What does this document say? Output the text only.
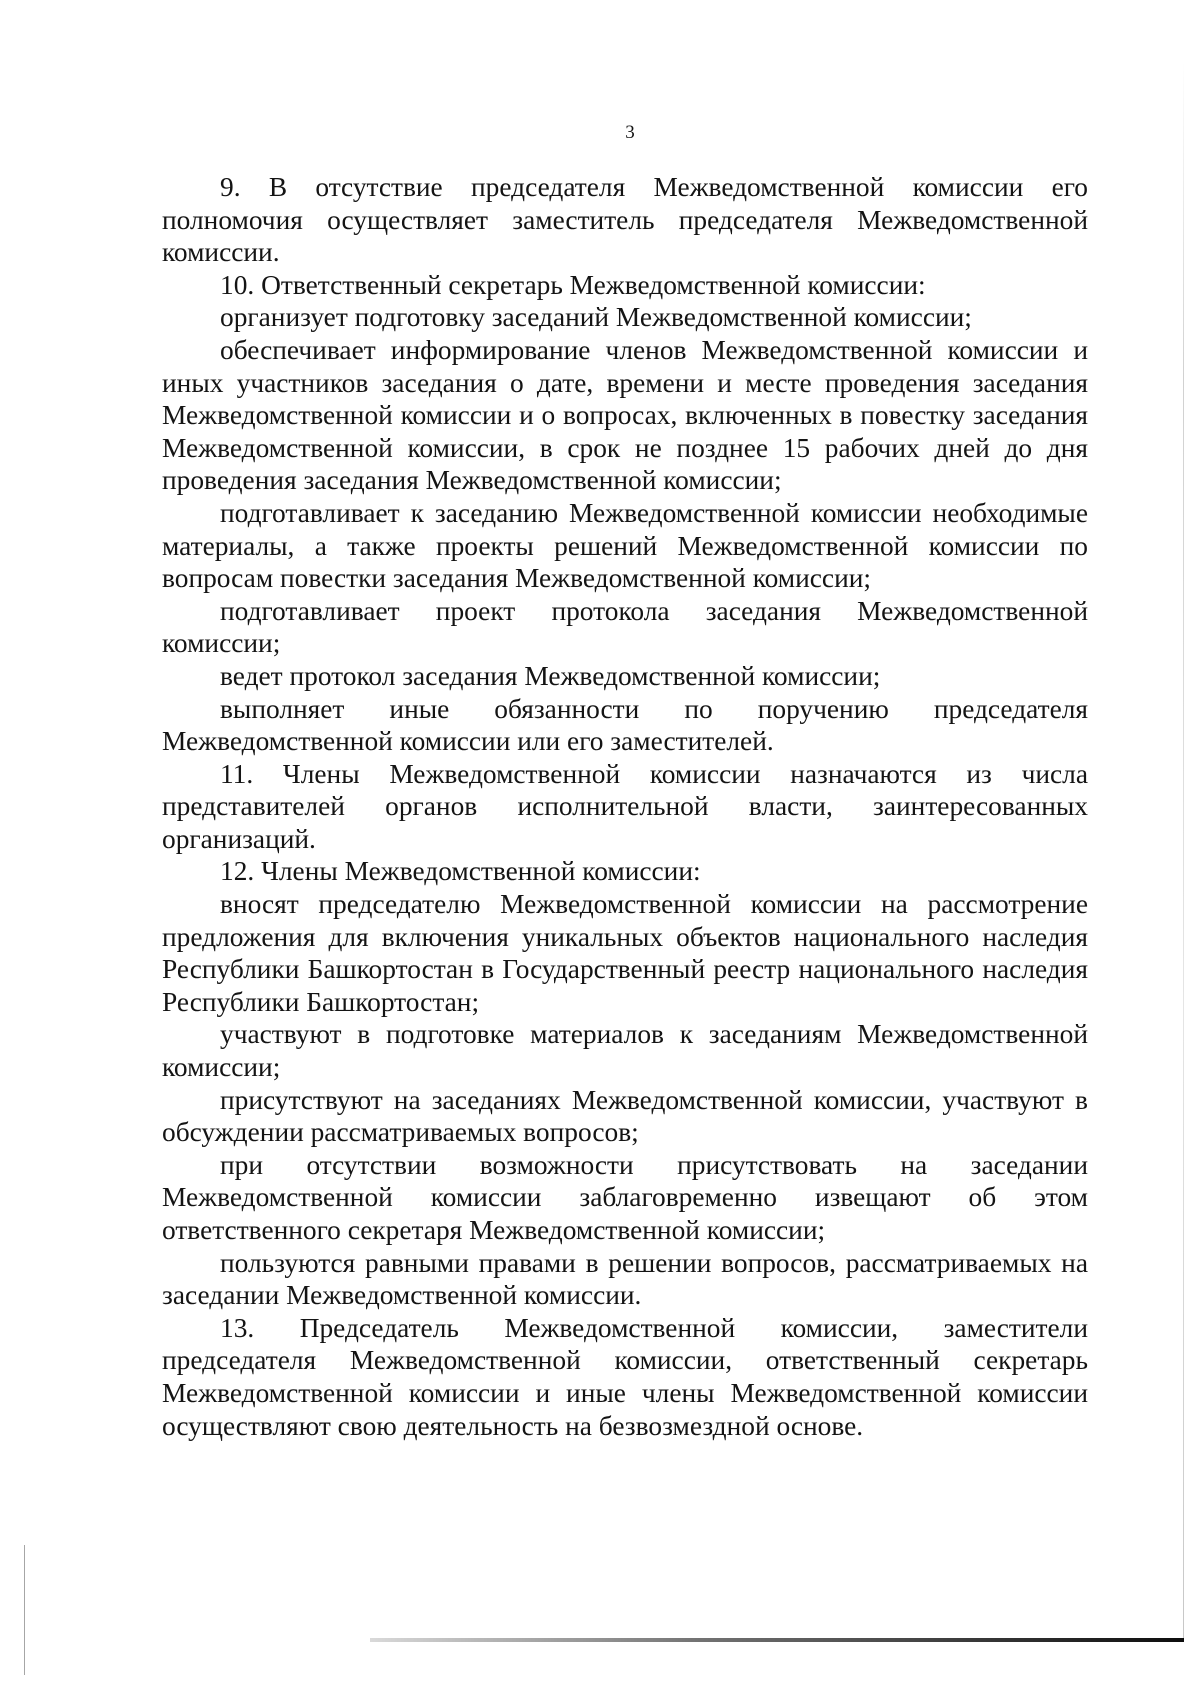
3

9. В отсутствие председателя Межведомственной комиссии его полномочия осуществляет заместитель председателя Межведомственной комиссии.

10. Ответственный секретарь Межведомственной комиссии:

организует подготовку заседаний Межведомственной комиссии;

обеспечивает информирование членов Межведомственной комиссии и иных участников заседания о дате, времени и месте проведения заседания Межведомственной комиссии и о вопросах, включенных в повестку заседания Межведомственной комиссии, в срок не позднее 15 рабочих дней до дня проведения заседания Межведомственной комиссии;

подготавливает к заседанию Межведомственной комиссии необходимые материалы, а также проекты решений Межведомственной комиссии по вопросам повестки заседания Межведомственной комиссии;

подготавливает проект протокола заседания Межведомственной комиссии;

ведет протокол заседания Межведомственной комиссии;

выполняет иные обязанности по поручению председателя Межведомственной комиссии или его заместителей.

11. Члены Межведомственной комиссии назначаются из числа представителей органов исполнительной власти, заинтересованных организаций.

12. Члены Межведомственной комиссии:

вносят председателю Межведомственной комиссии на рассмотрение предложения для включения уникальных объектов национального наследия Республики Башкортостан в Государственный реестр национального наследия Республики Башкортостан;

участвуют в подготовке материалов к заседаниям Межведомственной комиссии;

присутствуют на заседаниях Межведомственной комиссии, участвуют в обсуждении рассматриваемых вопросов;

при отсутствии возможности присутствовать на заседании Межведомственной комиссии заблаговременно извещают об этом ответственного секретаря Межведомственной комиссии;

пользуются равными правами в решении вопросов, рассматриваемых на заседании Межведомственной комиссии.

13. Председатель Межведомственной комиссии, заместители председателя Межведомственной комиссии, ответственный секретарь Межведомственной комиссии и иные члены Межведомственной комиссии осуществляют свою деятельность на безвозмездной основе.
